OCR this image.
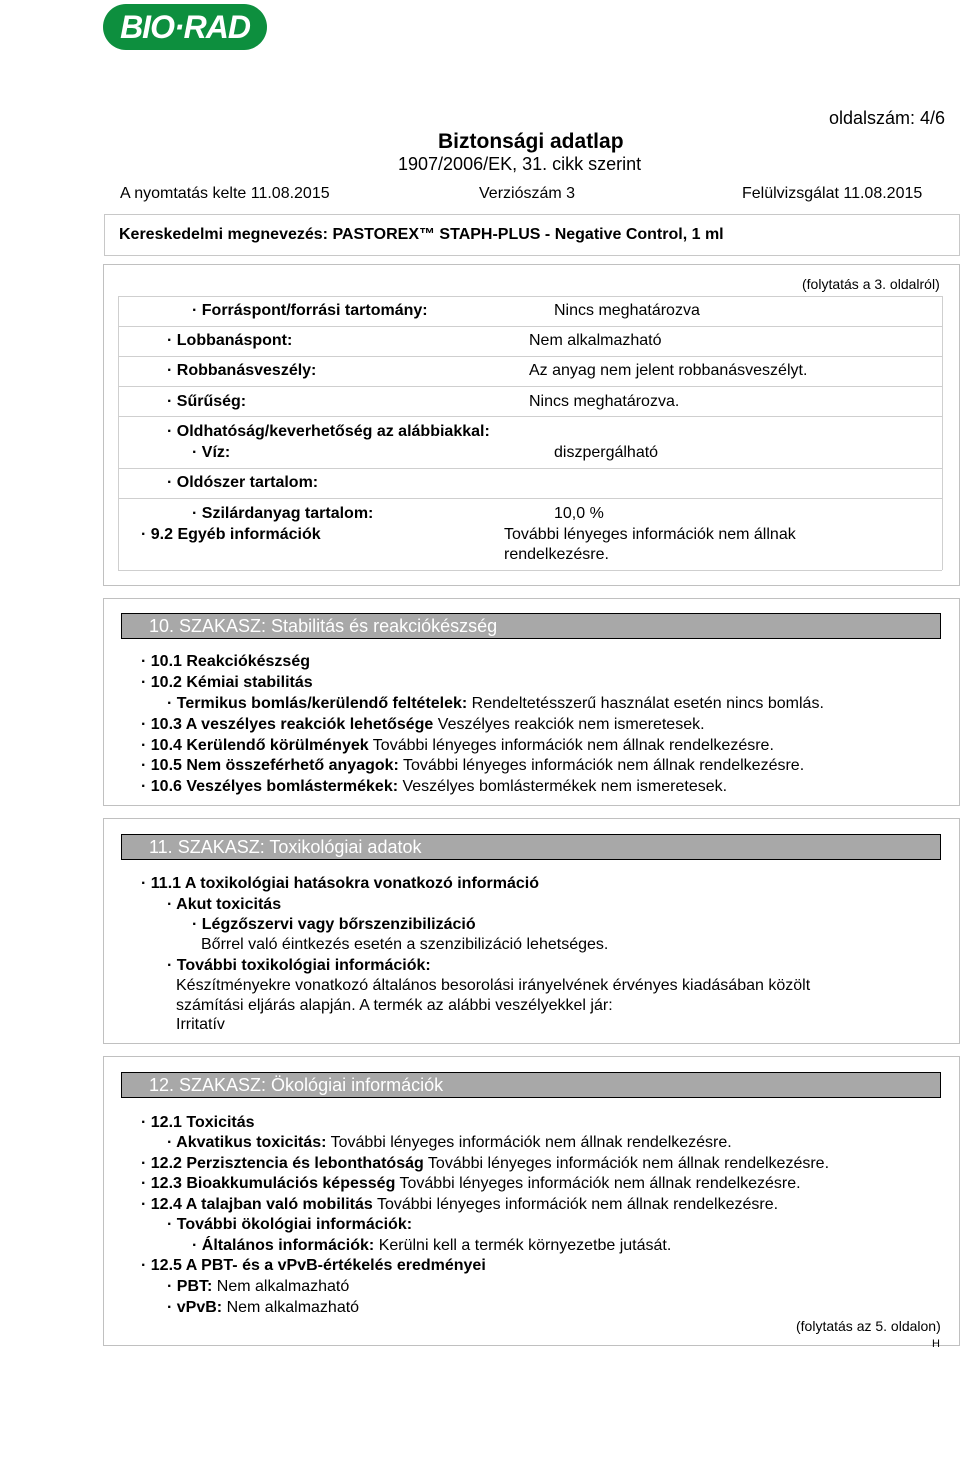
BIO·RAD
oldalszám: 4/6
Biztonsági adatlap
1907/2006/EK, 31. cikk szerint
A nyomtatás kelte 11.08.2015	Verziószám 3	Felülvizsgálat 11.08.2015
Kereskedelmi megnevezés: PASTOREX™ STAPH-PLUS - Negative Control, 1 ml
(folytatás a 3. oldalról)
· Forráspont/forrási tartomány:	Nincs meghatározva
· Lobbanáspont:	Nem alkalmazható
· Robbanásveszély:	Az anyag nem jelent robbanásveszélyt.
· Sűrűség:	Nincs meghatározva.
· Oldhatóság/keverhetőség az alábbiakkal:
· Víz:	diszpergálható
· Oldószer tartalom:
· Szilárdanyag tartalom:	10,0 %
· 9.2 Egyéb információk	További lényeges információk nem állnak
rendelkezésre.
10. SZAKASZ: Stabilitás és reakciókészség
· 10.1 Reakciókészség
· 10.2 Kémiai stabilitás
· Termikus bomlás/kerülendő feltételek: Rendeltetésszerű használat esetén nincs bomlás.
· 10.3 A veszélyes reakciók lehetősége Veszélyes reakciók nem ismeretesek.
· 10.4 Kerülendő körülmények További lényeges információk nem állnak rendelkezésre.
· 10.5 Nem összeférhető anyagok: További lényeges információk nem állnak rendelkezésre.
· 10.6 Veszélyes bomlástermékek: Veszélyes bomlástermékek nem ismeretesek.
11. SZAKASZ: Toxikológiai adatok
· 11.1 A toxikológiai hatásokra vonatkozó információ
· Akut toxicitás
· Légzőszervi vagy bőrszenzibilizáció
Bőrrel való éintkezés esetén a szenzibilizáció lehetséges.
· További toxikológiai információk:
Készítményekre vonatkozó általános besorolási irányelvének érvényes kiadásában közölt
számítási eljárás alapján. A termék az alábbi veszélyekkel jár:
Irritatív
12. SZAKASZ: Ökológiai információk
· 12.1 Toxicitás
· Akvatikus toxicitás: További lényeges információk nem állnak rendelkezésre.
· 12.2 Perzisztencia és lebonthatóság További lényeges információk nem állnak rendelkezésre.
· 12.3 Bioakkumulációs képesség További lényeges információk nem állnak rendelkezésre.
· 12.4 A talajban való mobilitás További lényeges információk nem állnak rendelkezésre.
· További ökológiai információk:
· Általános információk: Kerülni kell a termék környezetbe jutását.
· 12.5 A PBT- és a vPvB-értékelés eredményei
· PBT: Nem alkalmazható
· vPvB: Nem alkalmazható
(folytatás az 5. oldalon)
H
